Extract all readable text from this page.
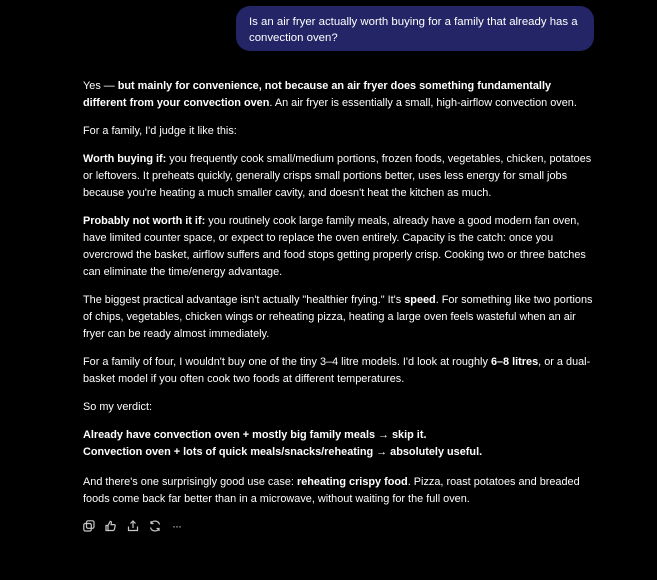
Is an air fryer actually worth buying for a family that already has a
convection oven?

Yes — but mainly for convenience, not because an air fryer does something fundamentally different from your convection oven. An air fryer is essentially a small, high-airflow convection oven.

For a family, I'd judge it like this:

Worth buying if: you frequently cook small/medium portions, frozen foods, vegetables, chicken, potatoes or leftovers. It preheats quickly, generally crisps small portions better, uses less energy for small jobs because you're heating a much smaller cavity, and doesn't heat the kitchen as much.

Probably not worth it if: you routinely cook large family meals, already have a good modern fan oven, have limited counter space, or expect to replace the oven entirely. Capacity is the catch: once you overcrowd the basket, airflow suffers and food stops getting properly crisp. Cooking two or three batches can eliminate the time/energy advantage.

The biggest practical advantage isn't actually "healthier frying." It's speed. For something like two portions of chips, vegetables, chicken wings or reheating pizza, heating a large oven feels wasteful when an air fryer can be ready almost immediately.

For a family of four, I wouldn't buy one of the tiny 3–4 litre models. I'd look at roughly 6–8 litres, or a dual-basket model if you often cook two foods at different temperatures.

So my verdict:

Already have convection oven + mostly big family meals → skip it.
Convection oven + lots of quick meals/snacks/reheating → absolutely useful.

And there's one surprisingly good use case: reheating crispy food. Pizza, roast potatoes and breaded foods come back far better than in a microwave, without waiting for the full oven.

···
